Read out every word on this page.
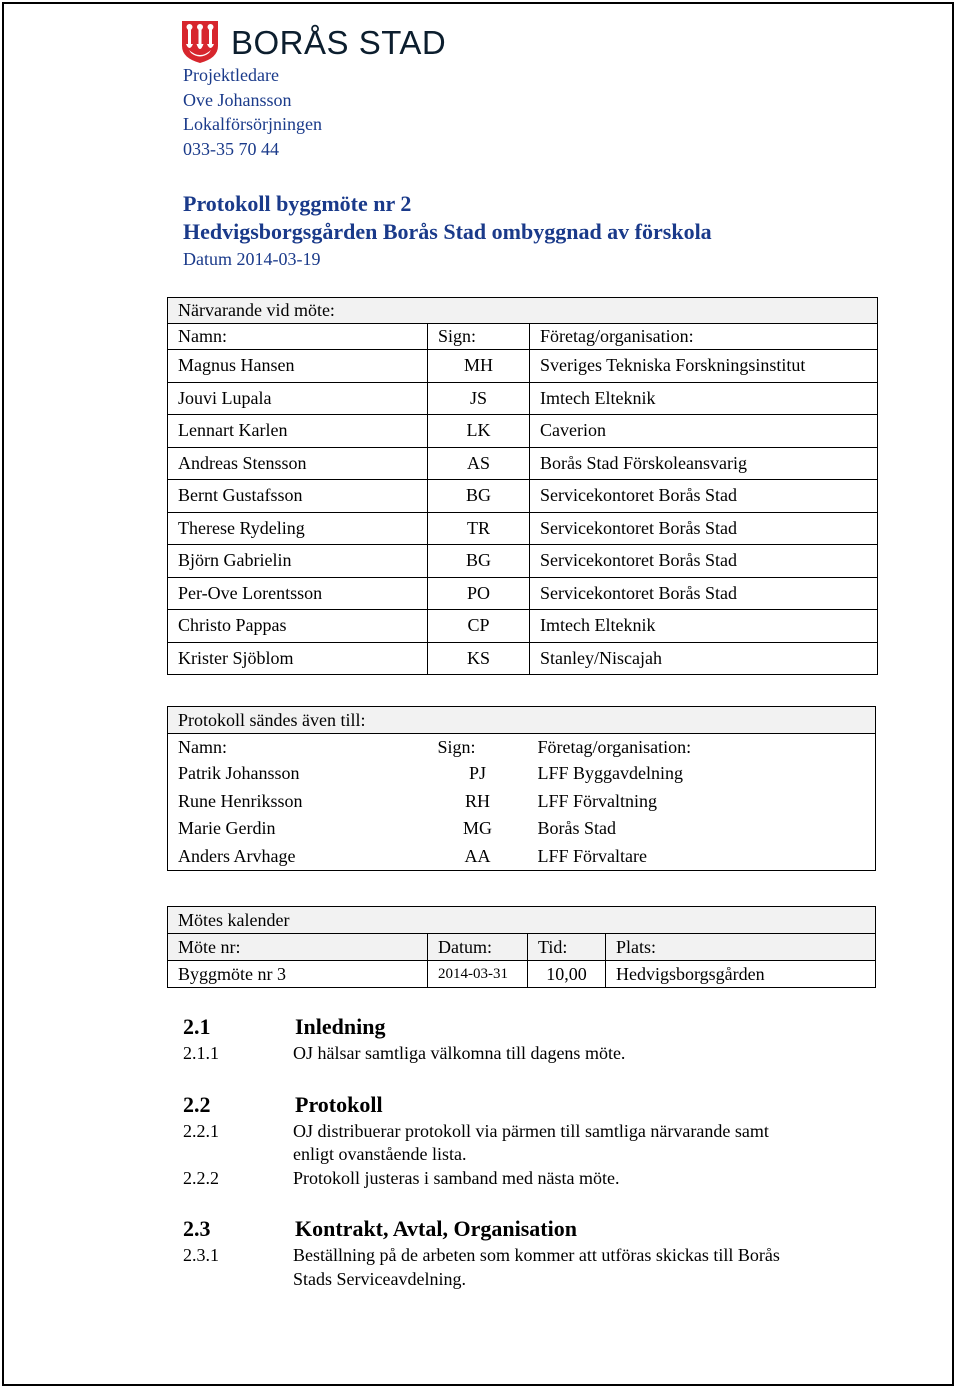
BORÅS STAD
Projektledare
Ove Johansson
Lokalförsörjningen
033-35 70 44
Protokoll byggmöte nr 2
Hedvigsborgsgården Borås Stad ombyggnad av förskola
Datum 2014-03-19
Närvarande vid möte:		
Namn:	Sign:	Företag/organisation:
Magnus Hansen	MH	Sveriges Tekniska Forskningsinstitut
Jouvi Lupala	JS	Imtech Elteknik
Lennart Karlen	LK	Caverion
Andreas Stensson	AS	Borås Stad Förskoleansvarig
Bernt Gustafsson	BG	Servicekontoret Borås Stad
Therese Rydeling	TR	Servicekontoret Borås Stad
Björn Gabrielin	BG	Servicekontoret Borås Stad
Per-Ove Lorentsson	PO	Servicekontoret Borås Stad
Christo Pappas	CP	Imtech Elteknik
Krister Sjöblom	KS	Stanley/Niscajah
Protokoll sändes även till:		
Namn:	Sign:	Företag/organisation:
Patrik Johansson	PJ	LFF Byggavdelning
Rune Henriksson	RH	LFF Förvaltning
Marie Gerdin	MG	Borås Stad
Anders Arvhage	AA	LFF Förvaltare
Mötes kalender			
Möte nr:	Datum:	Tid:	Plats:
Byggmöte nr 3	2014-03-31	10,00	Hedvigsborgsgården
2.1	Inledning
2.1.1	OJ hälsar samtliga välkomna till dagens möte.
2.2	Protokoll
2.2.1	OJ distribuerar protokoll via pärmen till samtliga närvarande samt
enligt ovanstående lista.
2.2.2	Protokoll justeras i samband med nästa möte.
2.3	Kontrakt, Avtal, Organisation
2.3.1	Beställning på de arbeten som kommer att utföras skickas till Borås
Stads Serviceavdelning.
